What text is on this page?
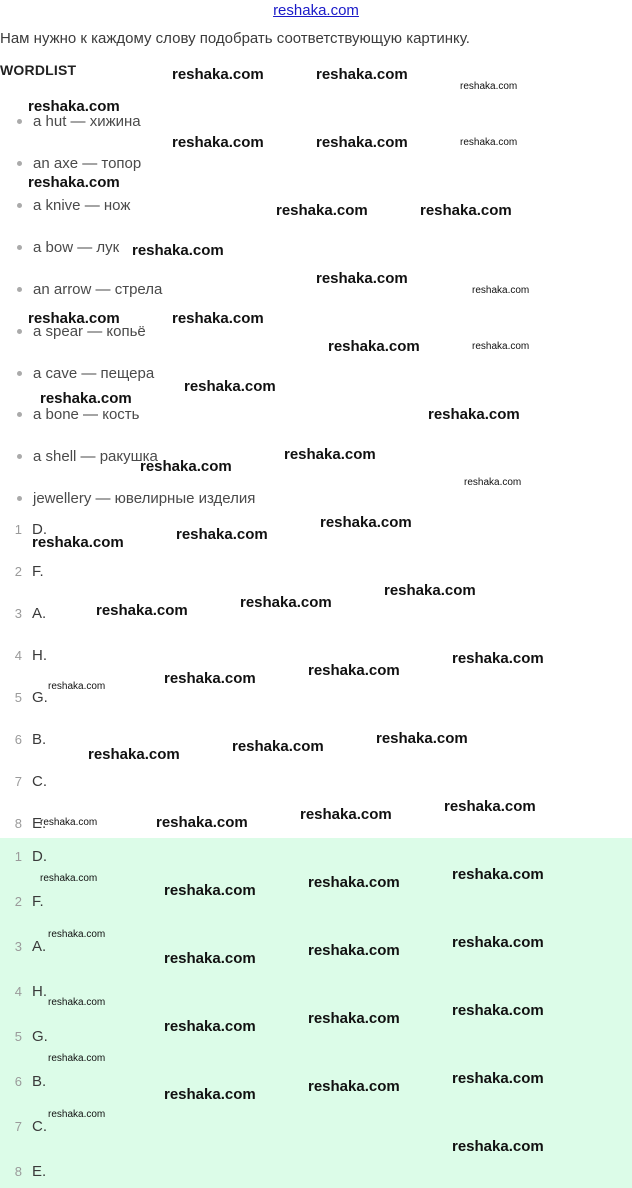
reshaka.com
Нам нужно к каждому слову подобрать соответствующую картинку.
WORDLIST
a hut — хижина
an axe — топор
a knive — нож
a bow — лук
an arrow — стрела
a spear — копьё
a cave — пещера
a bone — кость
a shell — ракушка
jewellery — ювелирные изделия
1 D.
2 F.
3 A.
4 H.
5 G.
6 B.
7 C.
8 E.
1 D.
2 F.
3 A.
4 H.
5 G.
6 B.
7 C.
8 E.
reshaka.com	reshaka.com
reshaka.com
reshaka.com
reshaka.com	reshaka.com	reshaka.com
reshaka.com
reshaka.com	reshaka.com
reshaka.com
reshaka.com
reshaka.com
reshaka.com	reshaka.com
reshaka.com	reshaka.com
reshaka.com
reshaka.com
reshaka.com
reshaka.com
reshaka.com
reshaka.com
reshaka.com
reshaka.com
reshaka.com
reshaka.com
reshaka.com
reshaka.com
reshaka.com
reshaka.com
reshaka.com
reshaka.com
reshaka.com
reshaka.com
reshaka.com
reshaka.com
reshaka.com
reshaka.com
reshaka.com
reshaka.com
reshaka.com
reshaka.com
reshaka.com
reshaka.com	reshaka.com
reshaka.com
reshaka.com
reshaka.com	reshaka.com
reshaka.com
reshaka.com
reshaka.com
reshaka.com
reshaka.com
reshaka.com
reshaka.com
reshaka.com
